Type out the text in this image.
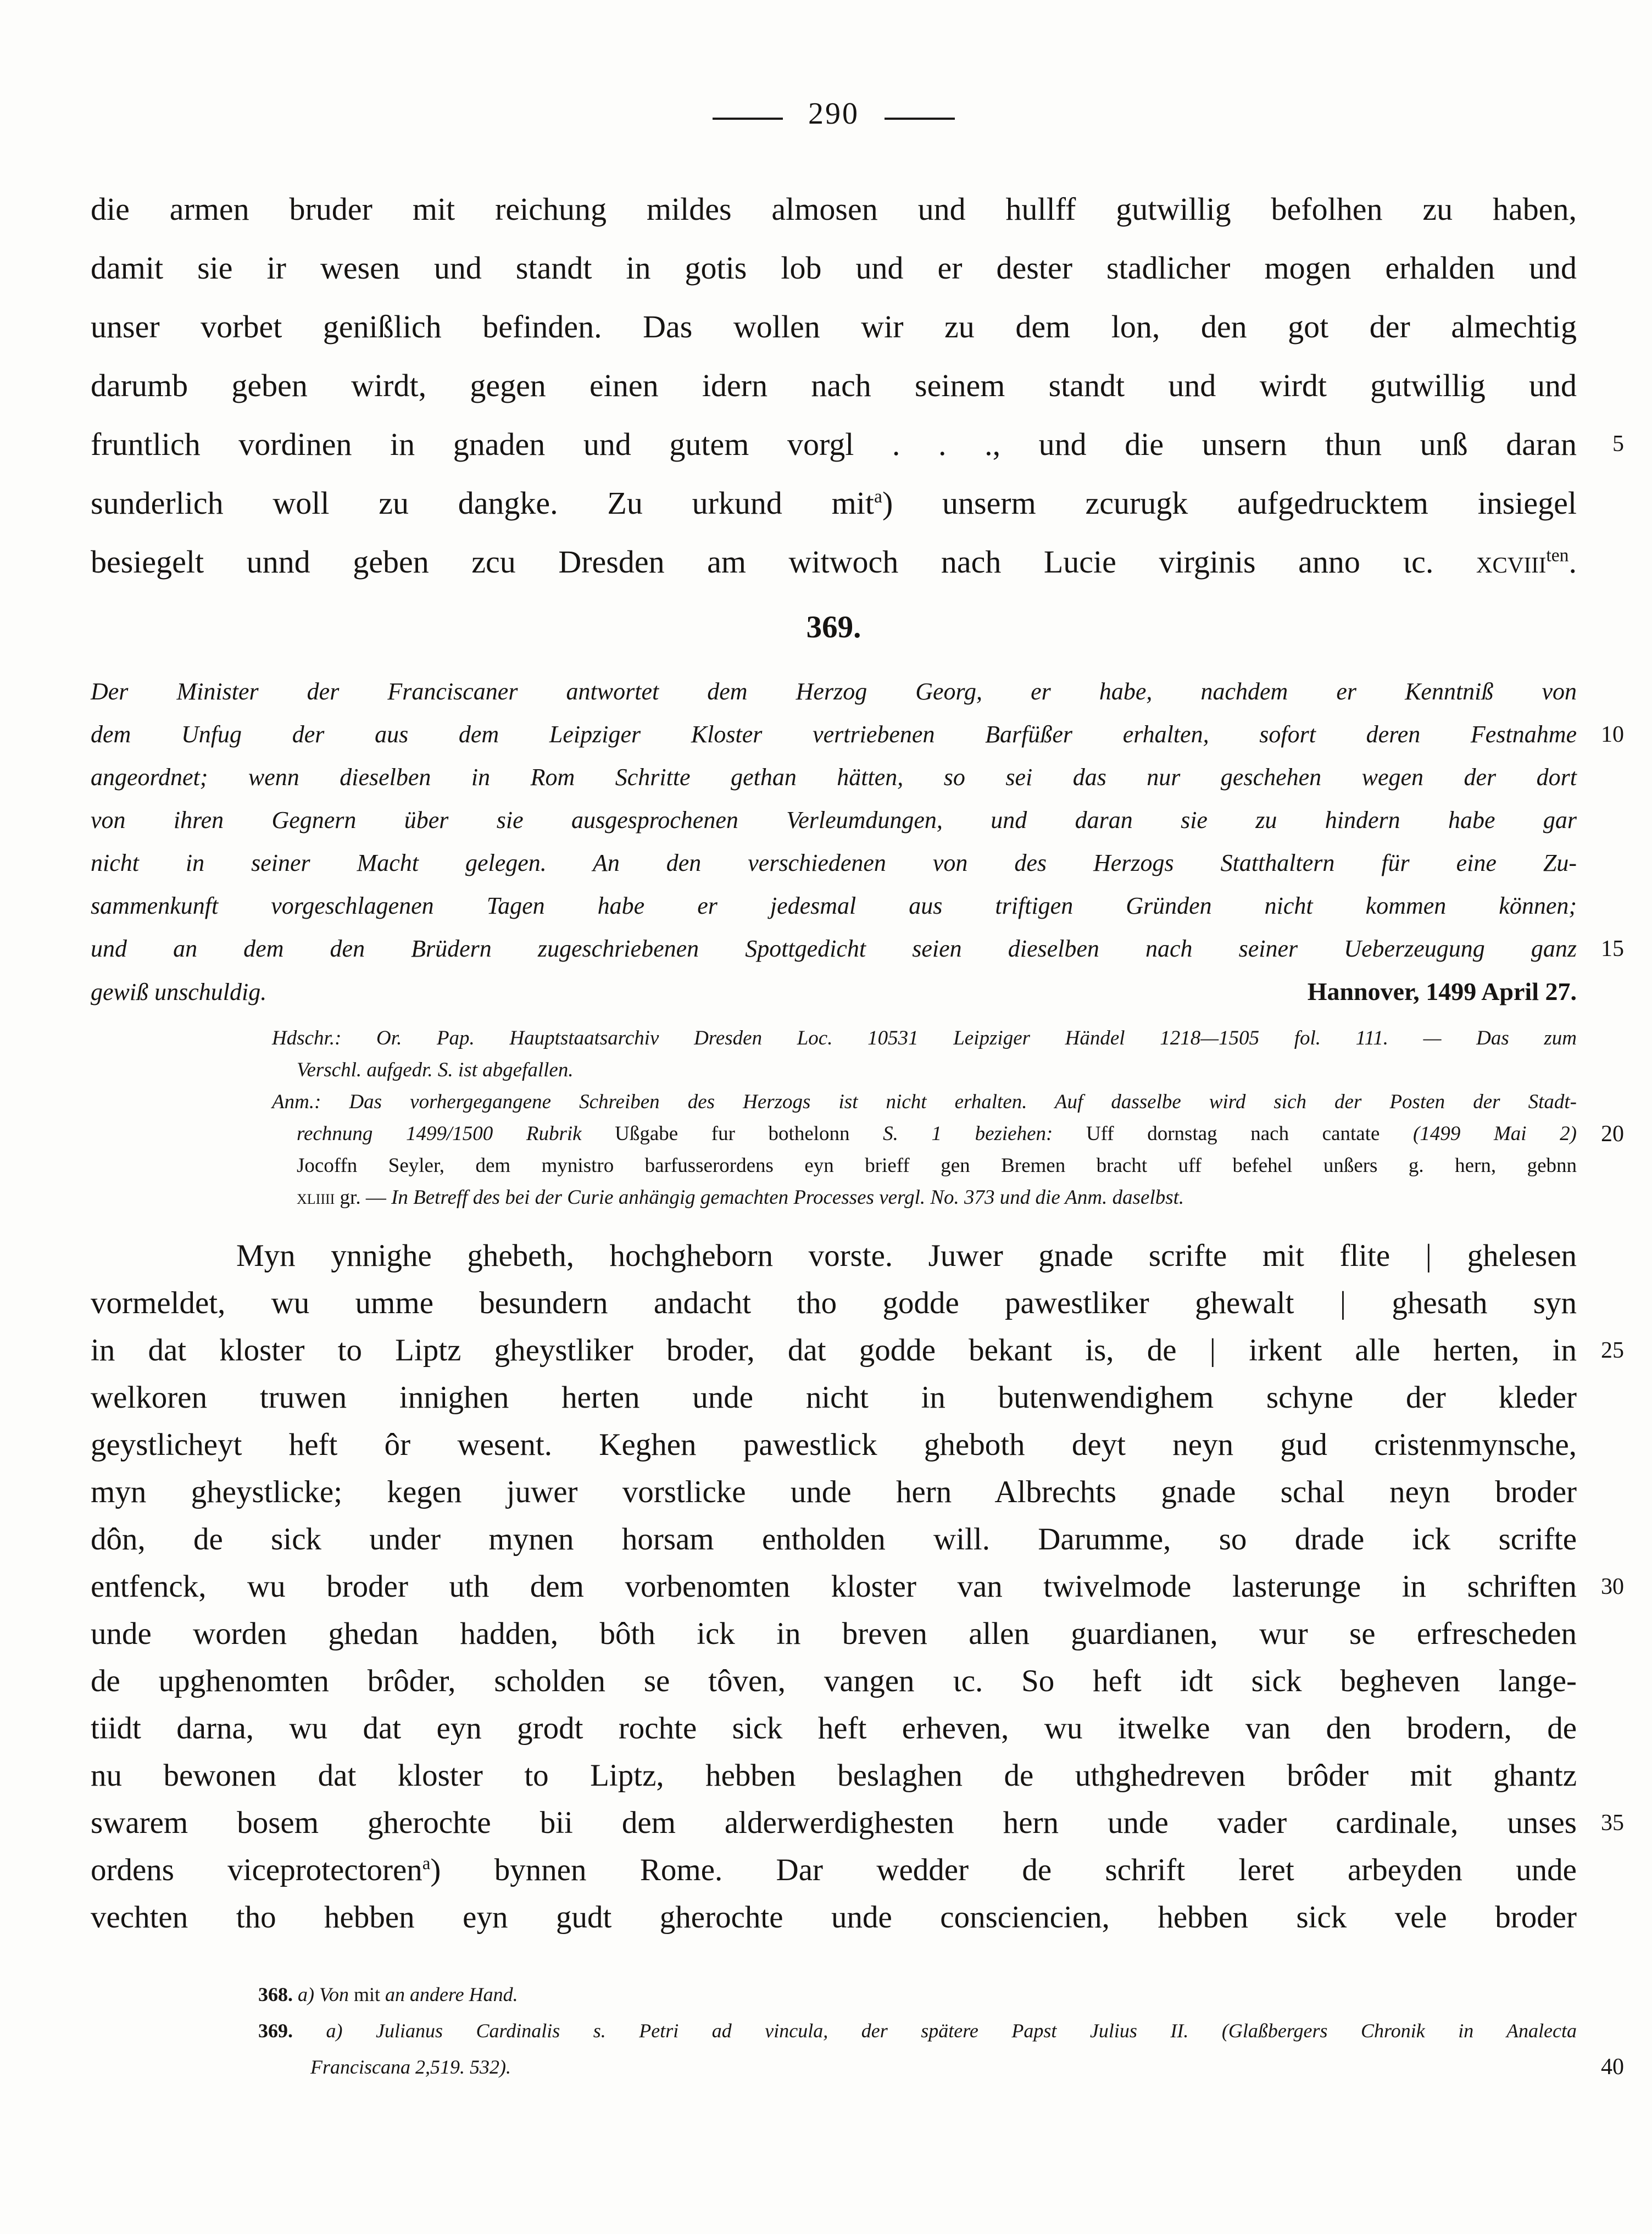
290
die armen bruder mit reichung mildes almosen und hullff gutwillig befolhen zu haben,
damit sie ir wesen und standt in gotis lob und er dester stadlicher mogen erhalden und
unser vorbet genißlich befinden. Das wollen wir zu dem lon, den got der almechtig
darumb geben wirdt, gegen einen idern nach seinem standt und wirdt gutwillig und
fruntlich vordinen in gnaden und gutem vorgl . . ., und die unsern thun unß daran 5
sunderlich woll zu dangke. Zu urkund mit$^a$) unserm zcurugk aufgedrucktem insiegel
besiegelt unnd geben zcu Dresden am witwoch nach Lucie virginis anno ɩc. xcviii$^{ten}$.
369.
Der Minister der Franciscaner antwortet dem Herzog Georg, er habe, nachdem er Kenntniß von
dem Unfug der aus dem Leipziger Kloster vertriebenen Barfüßer erhalten, sofort deren Festnahme 10
angeordnet; wenn dieselben in Rom Schritte gethan hätten, so sei das nur geschehen wegen der dort
von ihren Gegnern über sie ausgesprochenen Verleumdungen, und daran sie zu hindern habe gar
nicht in seiner Macht gelegen. An den verschiedenen von des Herzogs Statthaltern für eine Zu-
sammenkunft vorgeschlagenen Tagen habe er jedesmal aus triftigen Gründen nicht kommen können;
und an dem den Brüdern zugeschriebenen Spottgedicht seien dieselben nach seiner Ueberzeugung ganz 15
gewiß unschuldig.	Hannover, 1499 April 27.
Hdschr.: Or. Pap. Hauptstaatsarchiv Dresden Loc. 10531 Leipziger Händel 1218—1505 fol. 111. — Das zum
Verschl. aufgedr. S. ist abgefallen.
Anm.: Das vorhergegangene Schreiben des Herzogs ist nicht erhalten. Auf dasselbe wird sich der Posten der Stadt-
rechnung 1499/1500 Rubrik Ußgabe fur bothelonn S. 1 beziehen: Uff dornstag nach cantate (1499 Mai 2) 20
Jocoffn Seyler, dem mynistro barfusserordens eyn brieff gen Bremen bracht uff befehel unßers g. hern, gebnn
xliiii gr. — In Betreff des bei der Curie anhängig gemachten Processes vergl. No. 373 und die Anm. daselbst.
Myn ynnighe ghebeth, hochgheborn vorste. Juwer gnade scrifte mit flite | ghelesen
vormeldet, wu umme besundern andacht tho godde pawestliker ghewalt | ghesath syn
in dat kloster to Liptz gheystliker broder, dat godde bekant is, de | irkent alle herten, in 25
welkoren truwen innighen herten unde nicht in butenwendighem schyne der kleder
geystlicheyt heft ôr wesent. Keghen pawestlick gheboth deyt neyn gud cristenmynsche,
myn gheystlicke; kegen juwer vorstlicke unde hern Albrechts gnade schal neyn broder
dôn, de sick under mynen horsam entholden will. Darumme, so drade ick scrifte
entfenck, wu broder uth dem vorbenomten kloster van twivelmode lasterunge in schriften 30
unde worden ghedan hadden, bôth ick in breven allen guardianen, wur se erfrescheden
de upghenomten brôder, scholden se tôven, vangen ɩc. So heft idt sick begheven lange-
tiidt darna, wu dat eyn grodt rochte sick heft erheven, wu itwelke van den brodern, de
nu bewonen dat kloster to Liptz, hebben beslaghen de uthghedreven brôder mit ghantz
swarem bosem gherochte bii dem alderwerdighesten hern unde vader cardinale, unses 35
ordens viceprotectoren$^a$) bynnen Rome. Dar wedder de schrift leret arbeyden unde
vechten tho hebben eyn gudt gherochte unde consciencien, hebben sick vele broder
368. a) Von mit an andere Hand.
369. a) Julianus Cardinalis s. Petri ad vincula, der spätere Papst Julius II. (Glaßbergers Chronik in Analecta
Franciscana 2,519. 532).	40
